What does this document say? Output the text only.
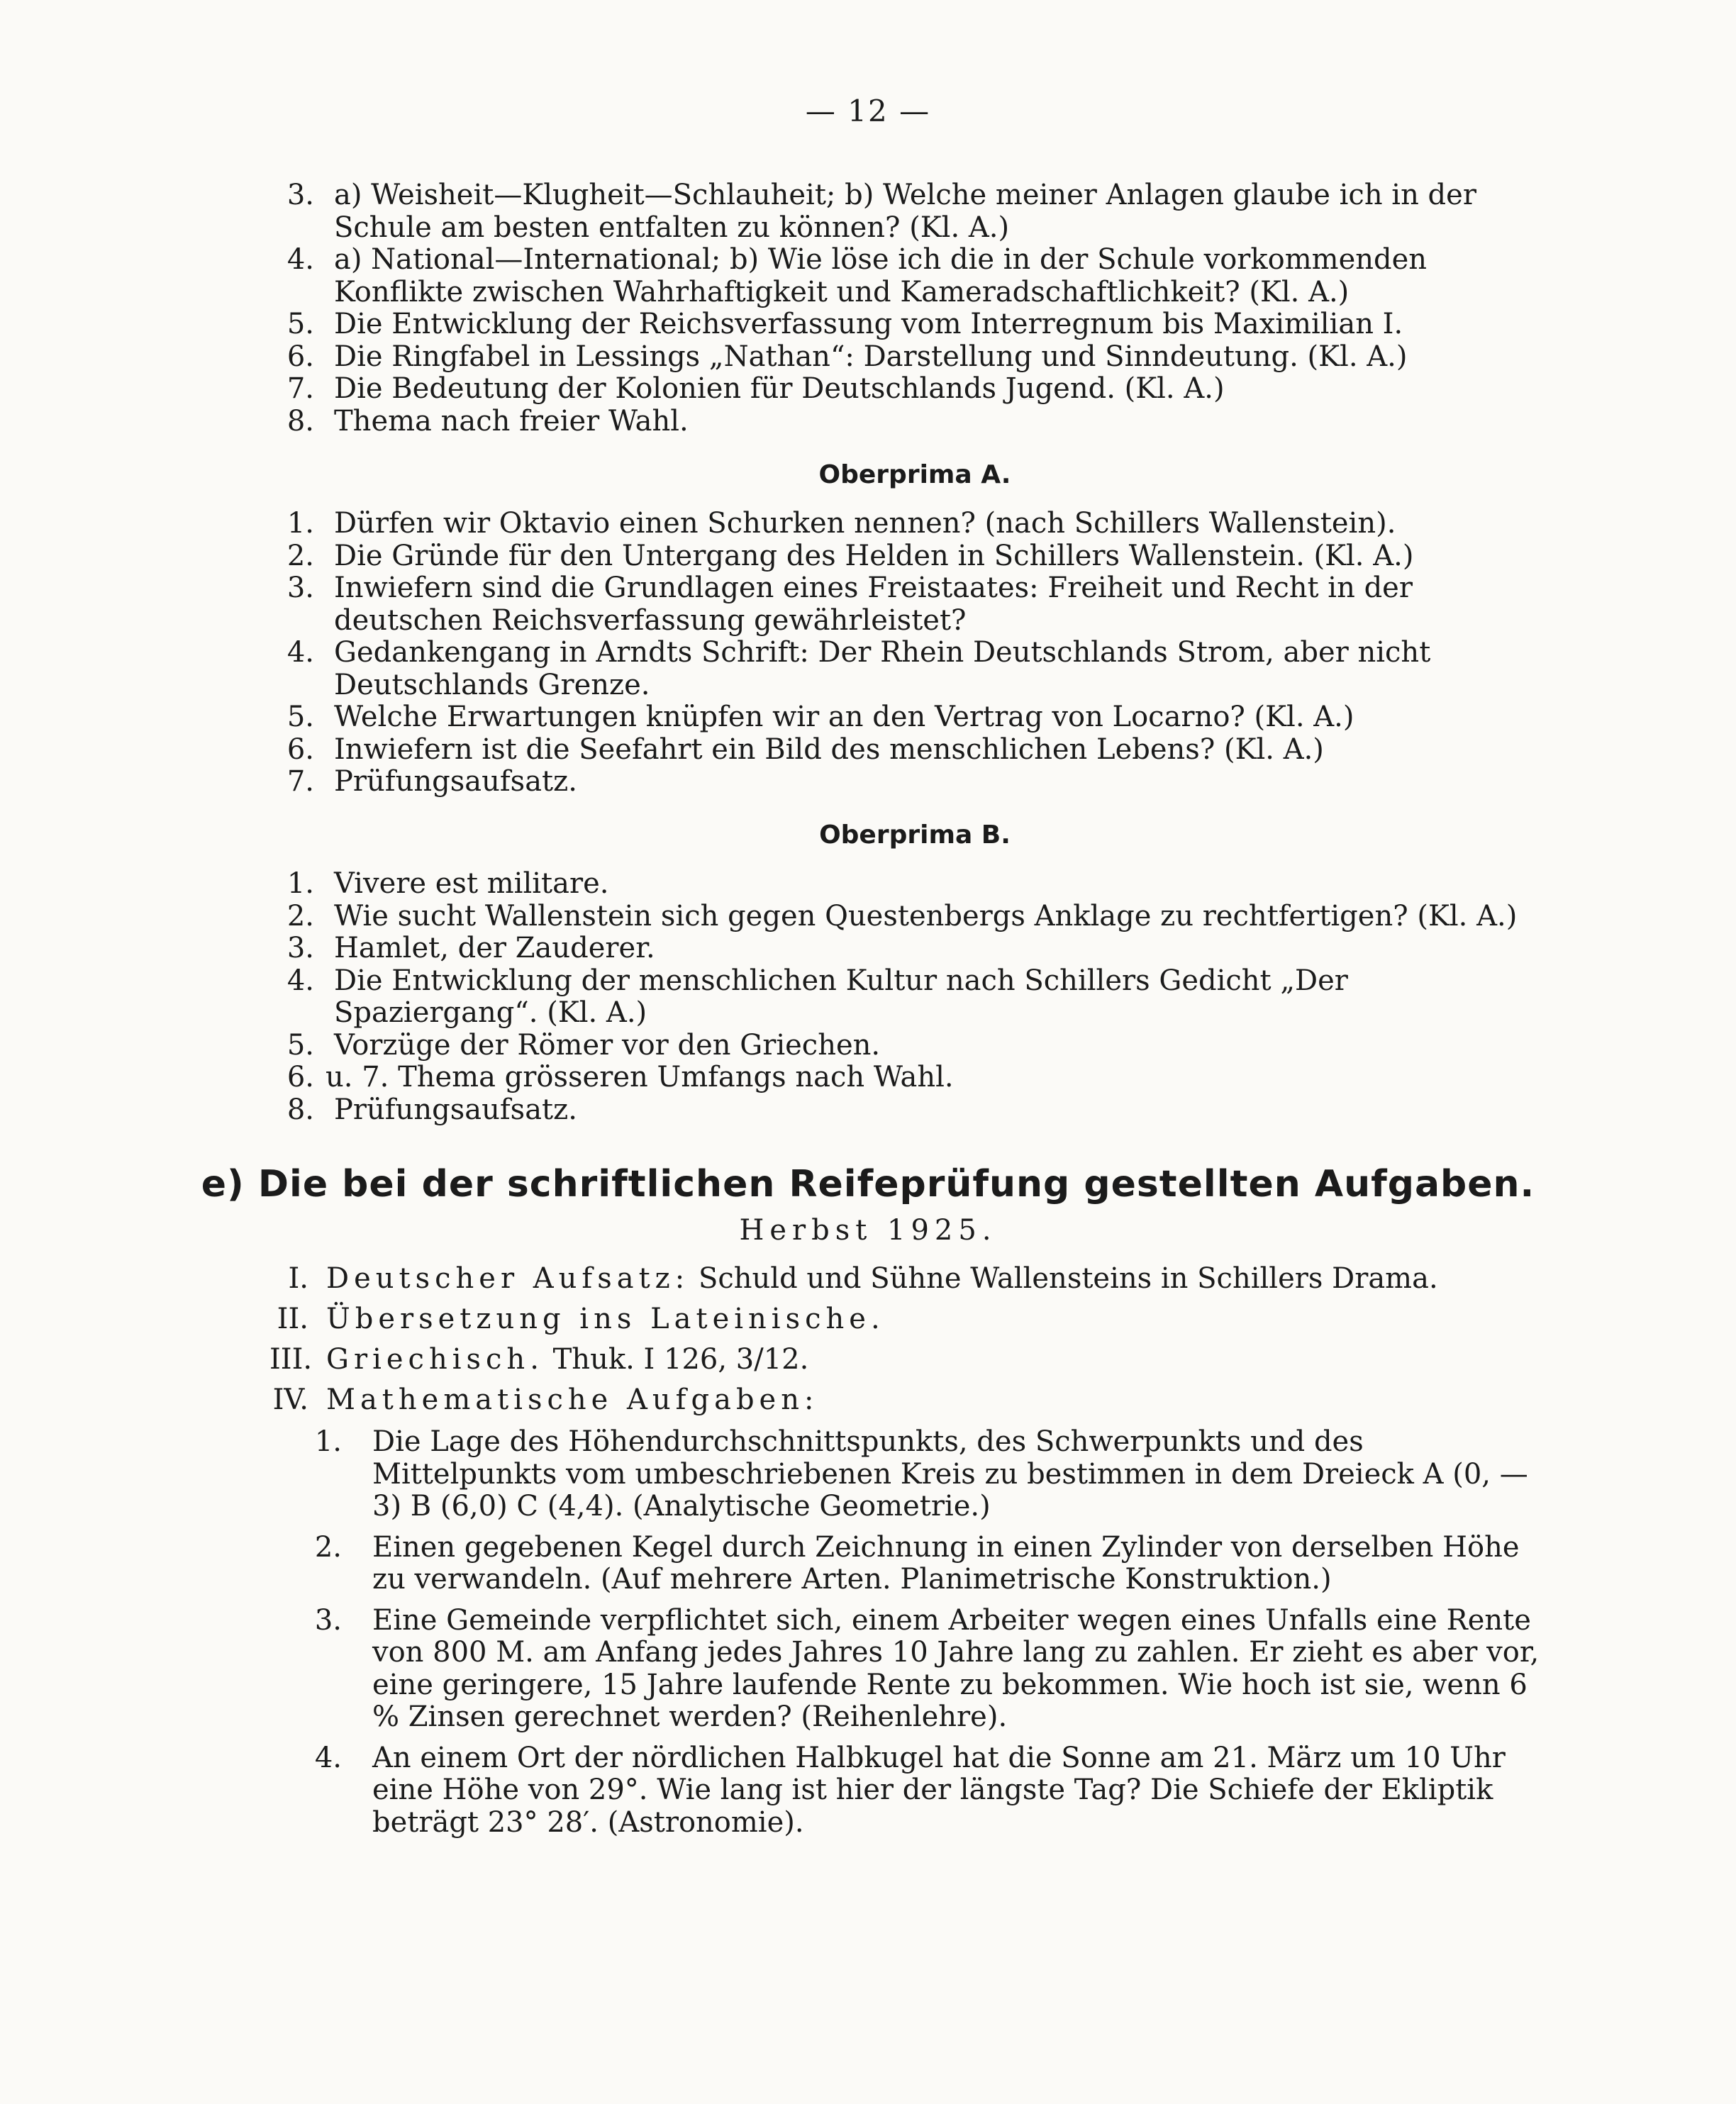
— 12 —
3. a) Weisheit—Klugheit—Schlauheit; b) Welche meiner Anlagen glaube ich in der Schule am besten entfalten zu können? (Kl. A.)
4. a) National—International; b) Wie löse ich die in der Schule vorkommenden Konflikte zwischen Wahrhaftigkeit und Kameradschaftlichkeit? (Kl. A.)
5. Die Entwicklung der Reichsverfassung vom Interregnum bis Maximilian I.
6. Die Ringfabel in Lessings „Nathan“: Darstellung und Sinndeutung. (Kl. A.)
7. Die Bedeutung der Kolonien für Deutschlands Jugend. (Kl. A.)
8. Thema nach freier Wahl.
Oberprima A.
1. Dürfen wir Oktavio einen Schurken nennen? (nach Schillers Wallenstein).
2. Die Gründe für den Untergang des Helden in Schillers Wallenstein. (Kl. A.)
3. Inwiefern sind die Grundlagen eines Freistaates: Freiheit und Recht in der deutschen Reichsverfassung gewährleistet?
4. Gedankengang in Arndts Schrift: Der Rhein Deutschlands Strom, aber nicht Deutschlands Grenze.
5. Welche Erwartungen knüpfen wir an den Vertrag von Locarno? (Kl. A.)
6. Inwiefern ist die Seefahrt ein Bild des menschlichen Lebens? (Kl. A.)
7. Prüfungsaufsatz.
Oberprima B.
1. Vivere est militare.
2. Wie sucht Wallenstein sich gegen Questenbergs Anklage zu rechtfertigen? (Kl. A.)
3. Hamlet, der Zauderer.
4. Die Entwicklung der menschlichen Kultur nach Schillers Gedicht „Der Spaziergang“. (Kl. A.)
5. Vorzüge der Römer vor den Griechen.
6. u. 7. Thema grösseren Umfangs nach Wahl.
8. Prüfungsaufsatz.
e) Die bei der schriftlichen Reifeprüfung gestellten Aufgaben.
Herbst 1925.
I. Deutscher Aufsatz: Schuld und Sühne Wallensteins in Schillers Drama.
II. Übersetzung ins Lateinische.
III. Griechisch. Thuk. I 126, 3/12.
IV. Mathematische Aufgaben:
1. Die Lage des Höhendurchschnittspunkts, des Schwerpunkts und des Mittelpunkts vom umbeschriebenen Kreis zu bestimmen in dem Dreieck A (0, —3) B (6,0) C (4,4). (Analytische Geometrie.)
2. Einen gegebenen Kegel durch Zeichnung in einen Zylinder von derselben Höhe zu verwandeln. (Auf mehrere Arten. Planimetrische Konstruktion.)
3. Eine Gemeinde verpflichtet sich, einem Arbeiter wegen eines Unfalls eine Rente von 800 M. am Anfang jedes Jahres 10 Jahre lang zu zahlen. Er zieht es aber vor, eine geringere, 15 Jahre laufende Rente zu bekommen. Wie hoch ist sie, wenn 6 % Zinsen gerechnet werden? (Reihenlehre).
4. An einem Ort der nördlichen Halbkugel hat die Sonne am 21. März um 10 Uhr eine Höhe von 29°. Wie lang ist hier der längste Tag? Die Schiefe der Ekliptik beträgt 23° 28′. (Astronomie).
